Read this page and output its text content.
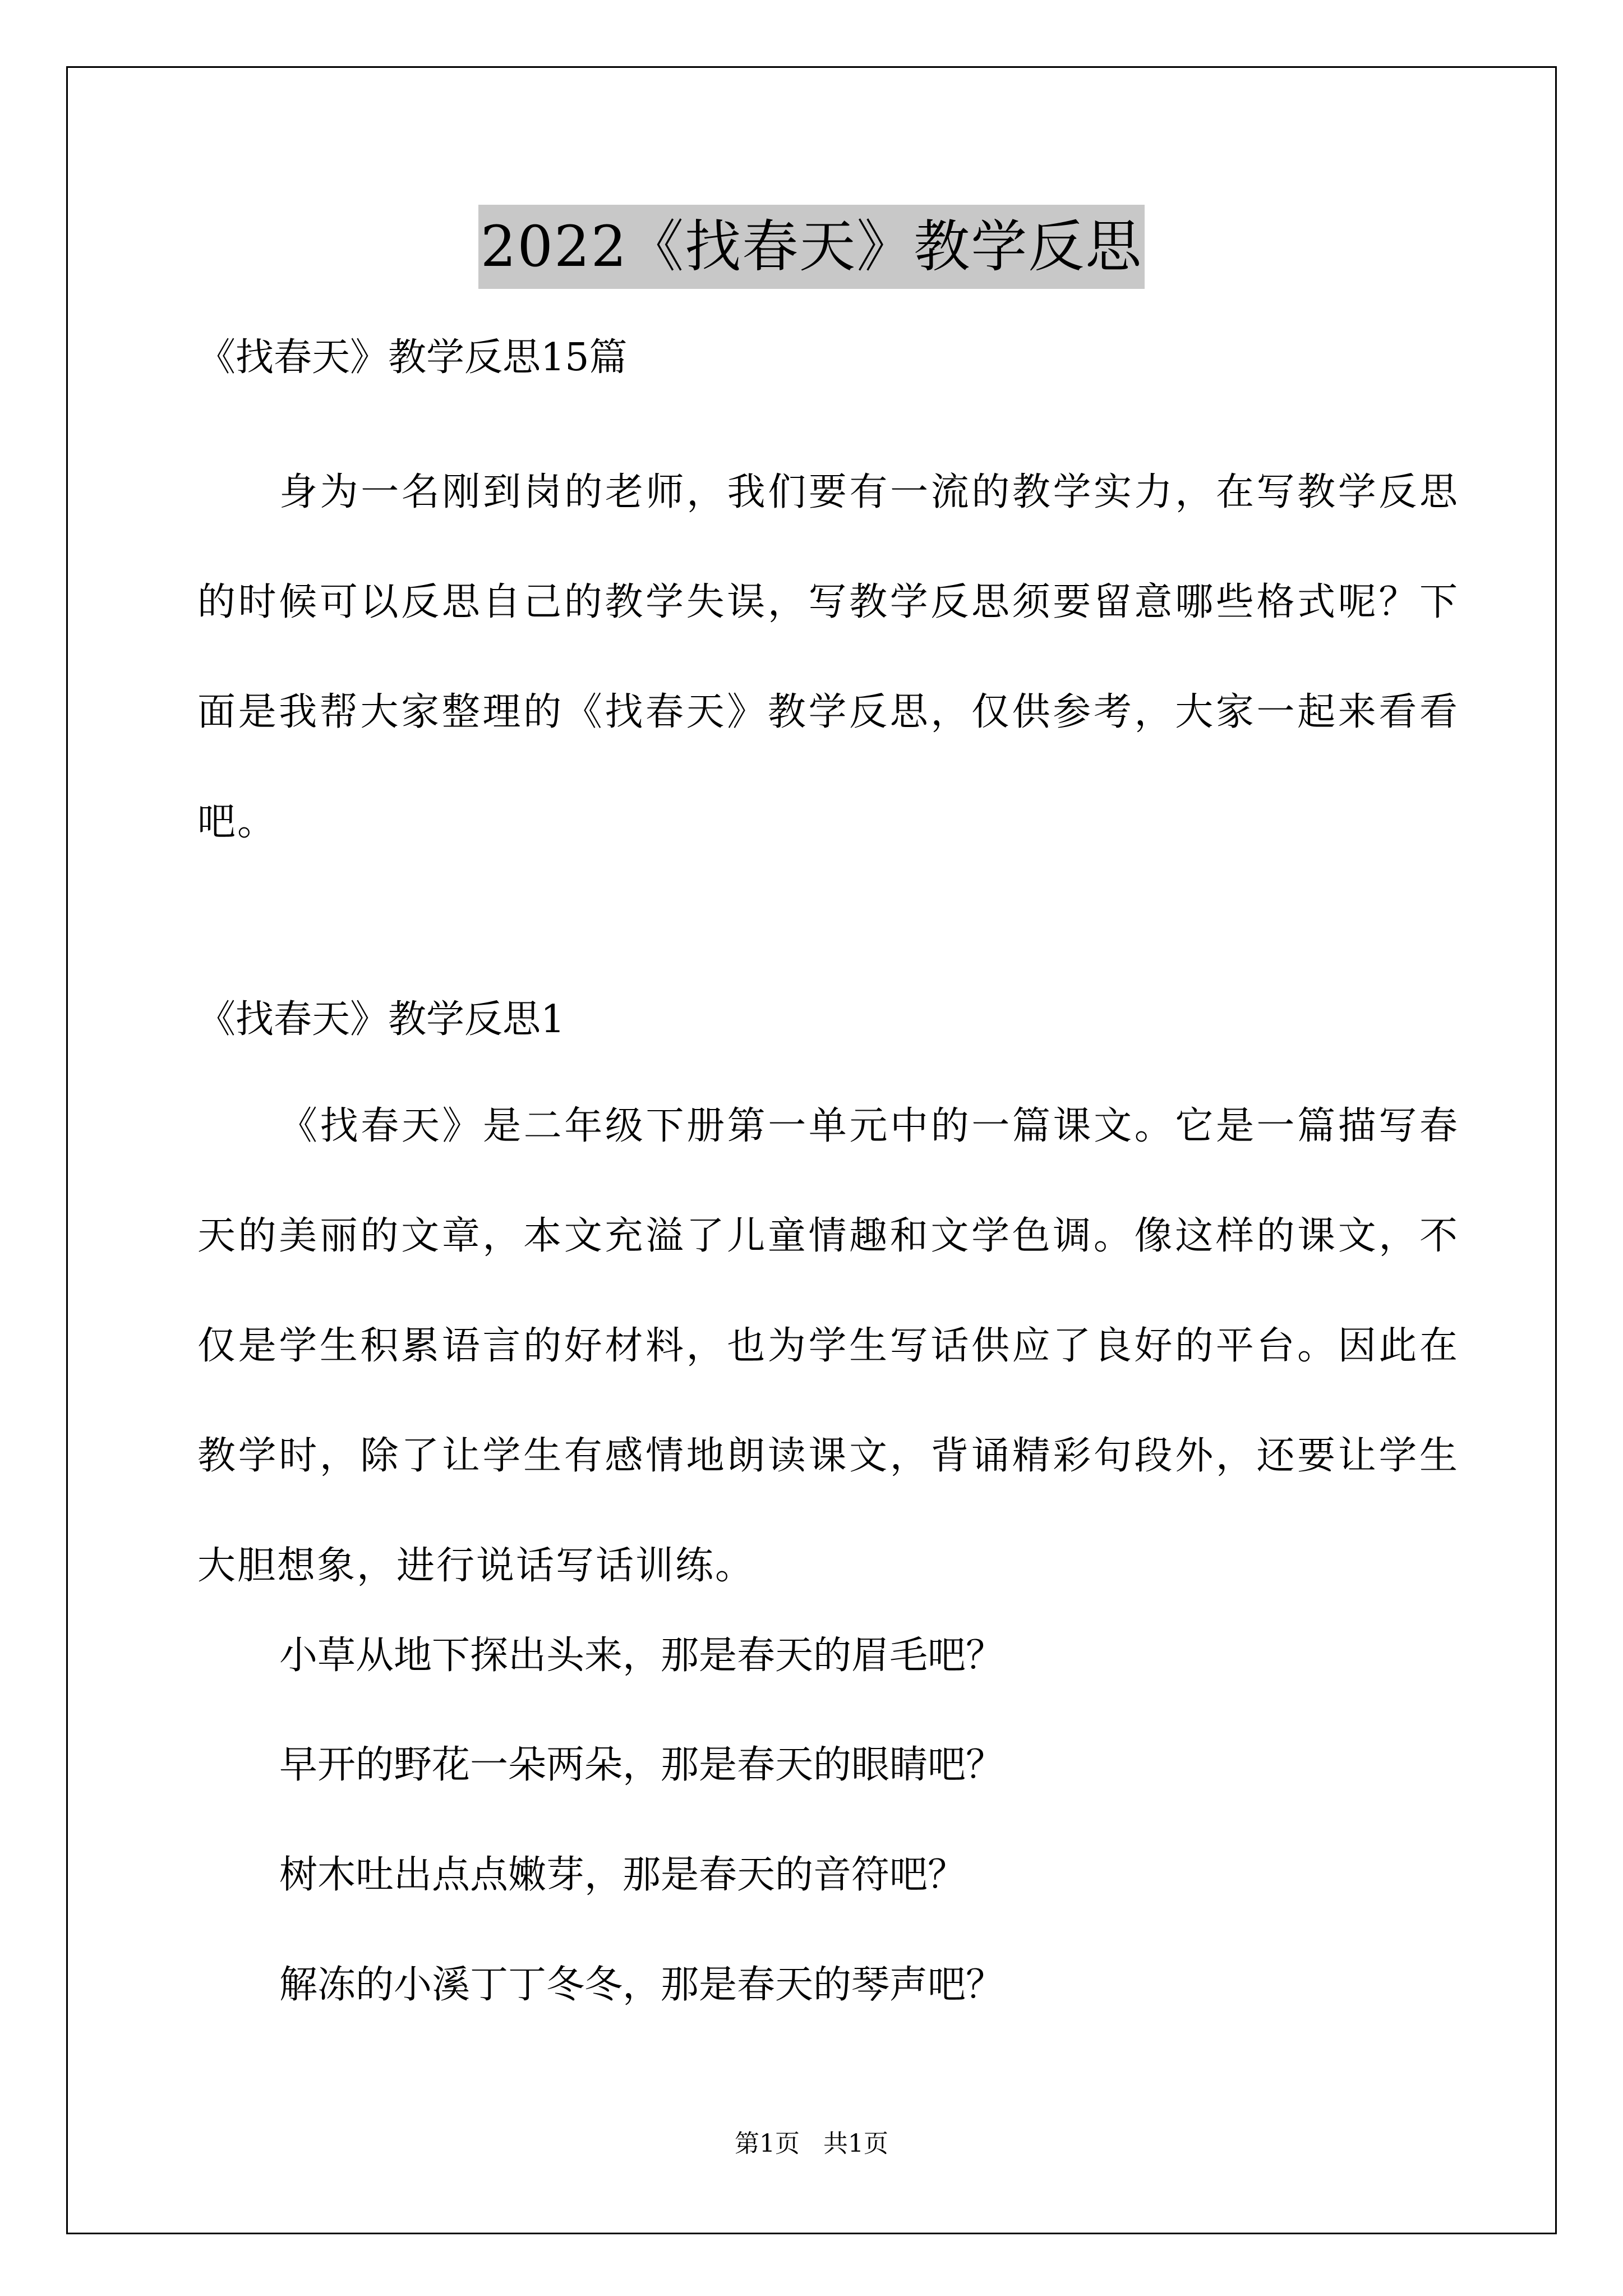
2022《找春天》教学反思
《找春天》教学反思15篇
身为一名刚到岗的老师，我们要有一流的教学实力，在写教学反思的时候可以反思自己的教学失误，写教学反思须要留意哪些格式呢？下面是我帮大家整理的《找春天》教学反思，仅供参考，大家一起来看看吧。
《找春天》教学反思1
《找春天》是二年级下册第一单元中的一篇课文。它是一篇描写春天的美丽的文章，本文充溢了儿童情趣和文学色调。像这样的课文，不仅是学生积累语言的好材料，也为学生写话供应了良好的平台。因此在教学时，除了让学生有感情地朗读课文，背诵精彩句段外，还要让学生大胆想象，进行说话写话训练。
小草从地下探出头来，那是春天的眉毛吧？
早开的野花一朵两朵，那是春天的眼睛吧？
树木吐出点点嫩芽，那是春天的音符吧？
解冻的小溪丁丁冬冬，那是春天的琴声吧？
第1页   共1页
